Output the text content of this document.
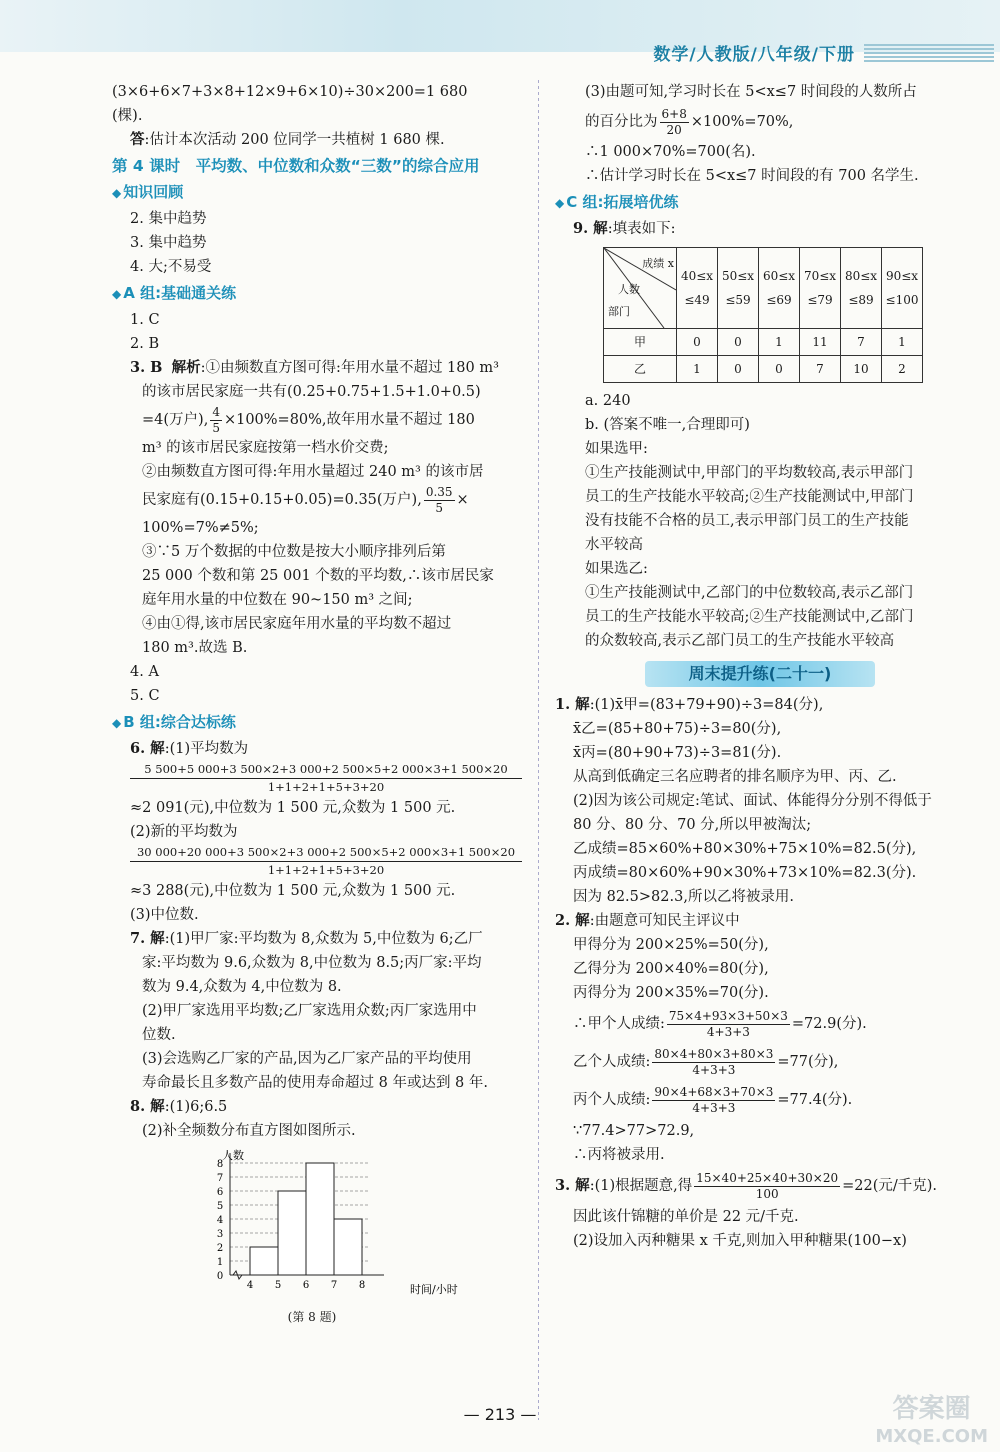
数学/人教版/八年级/下册

(3×6+6×7+3×8+12×9+6×10)÷30×200=1 680

(棵).

答:估计本次活动 200 位同学一共植树 1 680 棵.

第 4 课时　平均数、中位数和众数“三数”的综合应用

◆ 知识回顾

2. 集中趋势

3. 集中趋势

4. 大;不易受

◆ A 组:基础通关练

1. C

2. B

3. B 解析:①由频数直方图可得:年用水量不超过 180 m³

的该市居民家庭一共有(0.25+0.75+1.5+1.0+0.5)

=4(万户), $\frac{4}{5} \times 100\%=80\%$,故年用水量不超过 180

m³ 的该市居民家庭按第一档水价交费;

②由频数直方图可得:年用水量超过 240 m³ 的该市居

民家庭有(0.15+0.15+0.05)=0.35(万户), $\frac{0.35}{5}$ ×

100%=7%≠5%;

③∵5 万个数据的中位数是按大小顺序排列后第

25 000 个数和第 25 001 个数的平均数,∴该市居民家

庭年用水量的中位数在 90~150 m³ 之间;

④由①得,该市居民家庭年用水量的平均数不超过

180 m³.故选 B.

4. A

5. C

◆ B 组:综合达标练

6. 解:(1)平均数为

5 500+5 000+3 500×2+3 000+2 500×5+2 000×3+1 500×20
1+1+2+1+5+3+20

≈2 091(元),中位数为 1 500 元,众数为 1 500 元.

(2)新的平均数为

30 000+20 000+3 500×2+3 000+2 500×5+2 000×3+1 500×20
1+1+2+1+5+3+20

≈3 288(元),中位数为 1 500 元,众数为 1 500 元.

(3)中位数.

7. 解:(1)甲厂家:平均数为 8,众数为 5,中位数为 6;乙厂

家:平均数为 9.6,众数为 8,中位数为 8.5;丙厂家:平均

数为 9.4,众数为 4,中位数为 8.

(2)甲厂家选用平均数;乙厂家选用众数;丙厂家选用中

位数.

(3)会选购乙厂家的产品,因为乙厂家产品的平均使用

寿命最长且多数产品的使用寿命超过 8 年或达到 8 年.

8. 解:(1)6;6.5

(2)补全频数分布直方图如图所示.

人数
时间/小时
0
1
2
3
4
5
6
7
8
4 5 6 7 8
(第 8 题)

(3)由题可知,学习时长在 5<x≤7 时间段的人数所占

的百分比为 $\frac{6+8}{20} \times 100\%=70\%$,

∴1 000×70%=700(名).

∴估计学习时长在 5<x≤7 时间段的有 700 名学生.

◆ C 组:拓展培优练

9. 解:填表如下:

成绩 x
人数
部门	40≤x ≤49	50≤x ≤59	60≤x ≤69	70≤x ≤79	80≤x ≤89	90≤x ≤100
甲	0	0	1	11	7	1
乙	1	0	0	7	10	2

a. 240

b. (答案不唯一,合理即可)

如果选甲:

①生产技能测试中,甲部门的平均数较高,表示甲部门

员工的生产技能水平较高;②生产技能测试中,甲部门

没有技能不合格的员工,表示甲部门员工的生产技能

水平较高

如果选乙:

①生产技能测试中,乙部门的中位数较高,表示乙部门

员工的生产技能水平较高;②生产技能测试中,乙部门

的众数较高,表示乙部门员工的生产技能水平较高

周末提升练(二十一)

1. 解:(1)x̄甲=(83+79+90)÷3=84(分),

x̄乙=(85+80+75)÷3=80(分),

x̄丙=(80+90+73)÷3=81(分).

从高到低确定三名应聘者的排名顺序为甲、丙、乙.

(2)因为该公司规定:笔试、面试、体能得分分别不得低于

80 分、80 分、70 分,所以甲被淘汰;

乙成绩=85×60%+80×30%+75×10%=82.5(分),

丙成绩=80×60%+90×30%+73×10%=82.3(分).

因为 82.5>82.3,所以乙将被录用.

2. 解:由题意可知民主评议中

甲得分为 200×25%=50(分),

乙得分为 200×40%=80(分),

丙得分为 200×35%=70(分).

∴甲个人成绩: $\frac{75\times 4+93\times 3+50\times 3}{4+3+3} =72.9$(分).

乙个人成绩: $\frac{80\times 4+80\times 3+80\times 3}{4+3+3} =77$(分),

丙个人成绩: $\frac{90\times 4+68\times 3+70\times 3}{4+3+3} =77.4$(分).

∵77.4>77>72.9,

∴丙将被录用.

3. 解:(1)根据题意,得 $\frac{15\times 40+25\times 40+30\times 20}{100} =22$(元/千克).

因此该什锦糖的单价是 22 元/千克.

(2)设加入丙种糖果 x 千克,则加入甲种糖果(100−x)

— 213 —	答案圈
MXQE.COM
